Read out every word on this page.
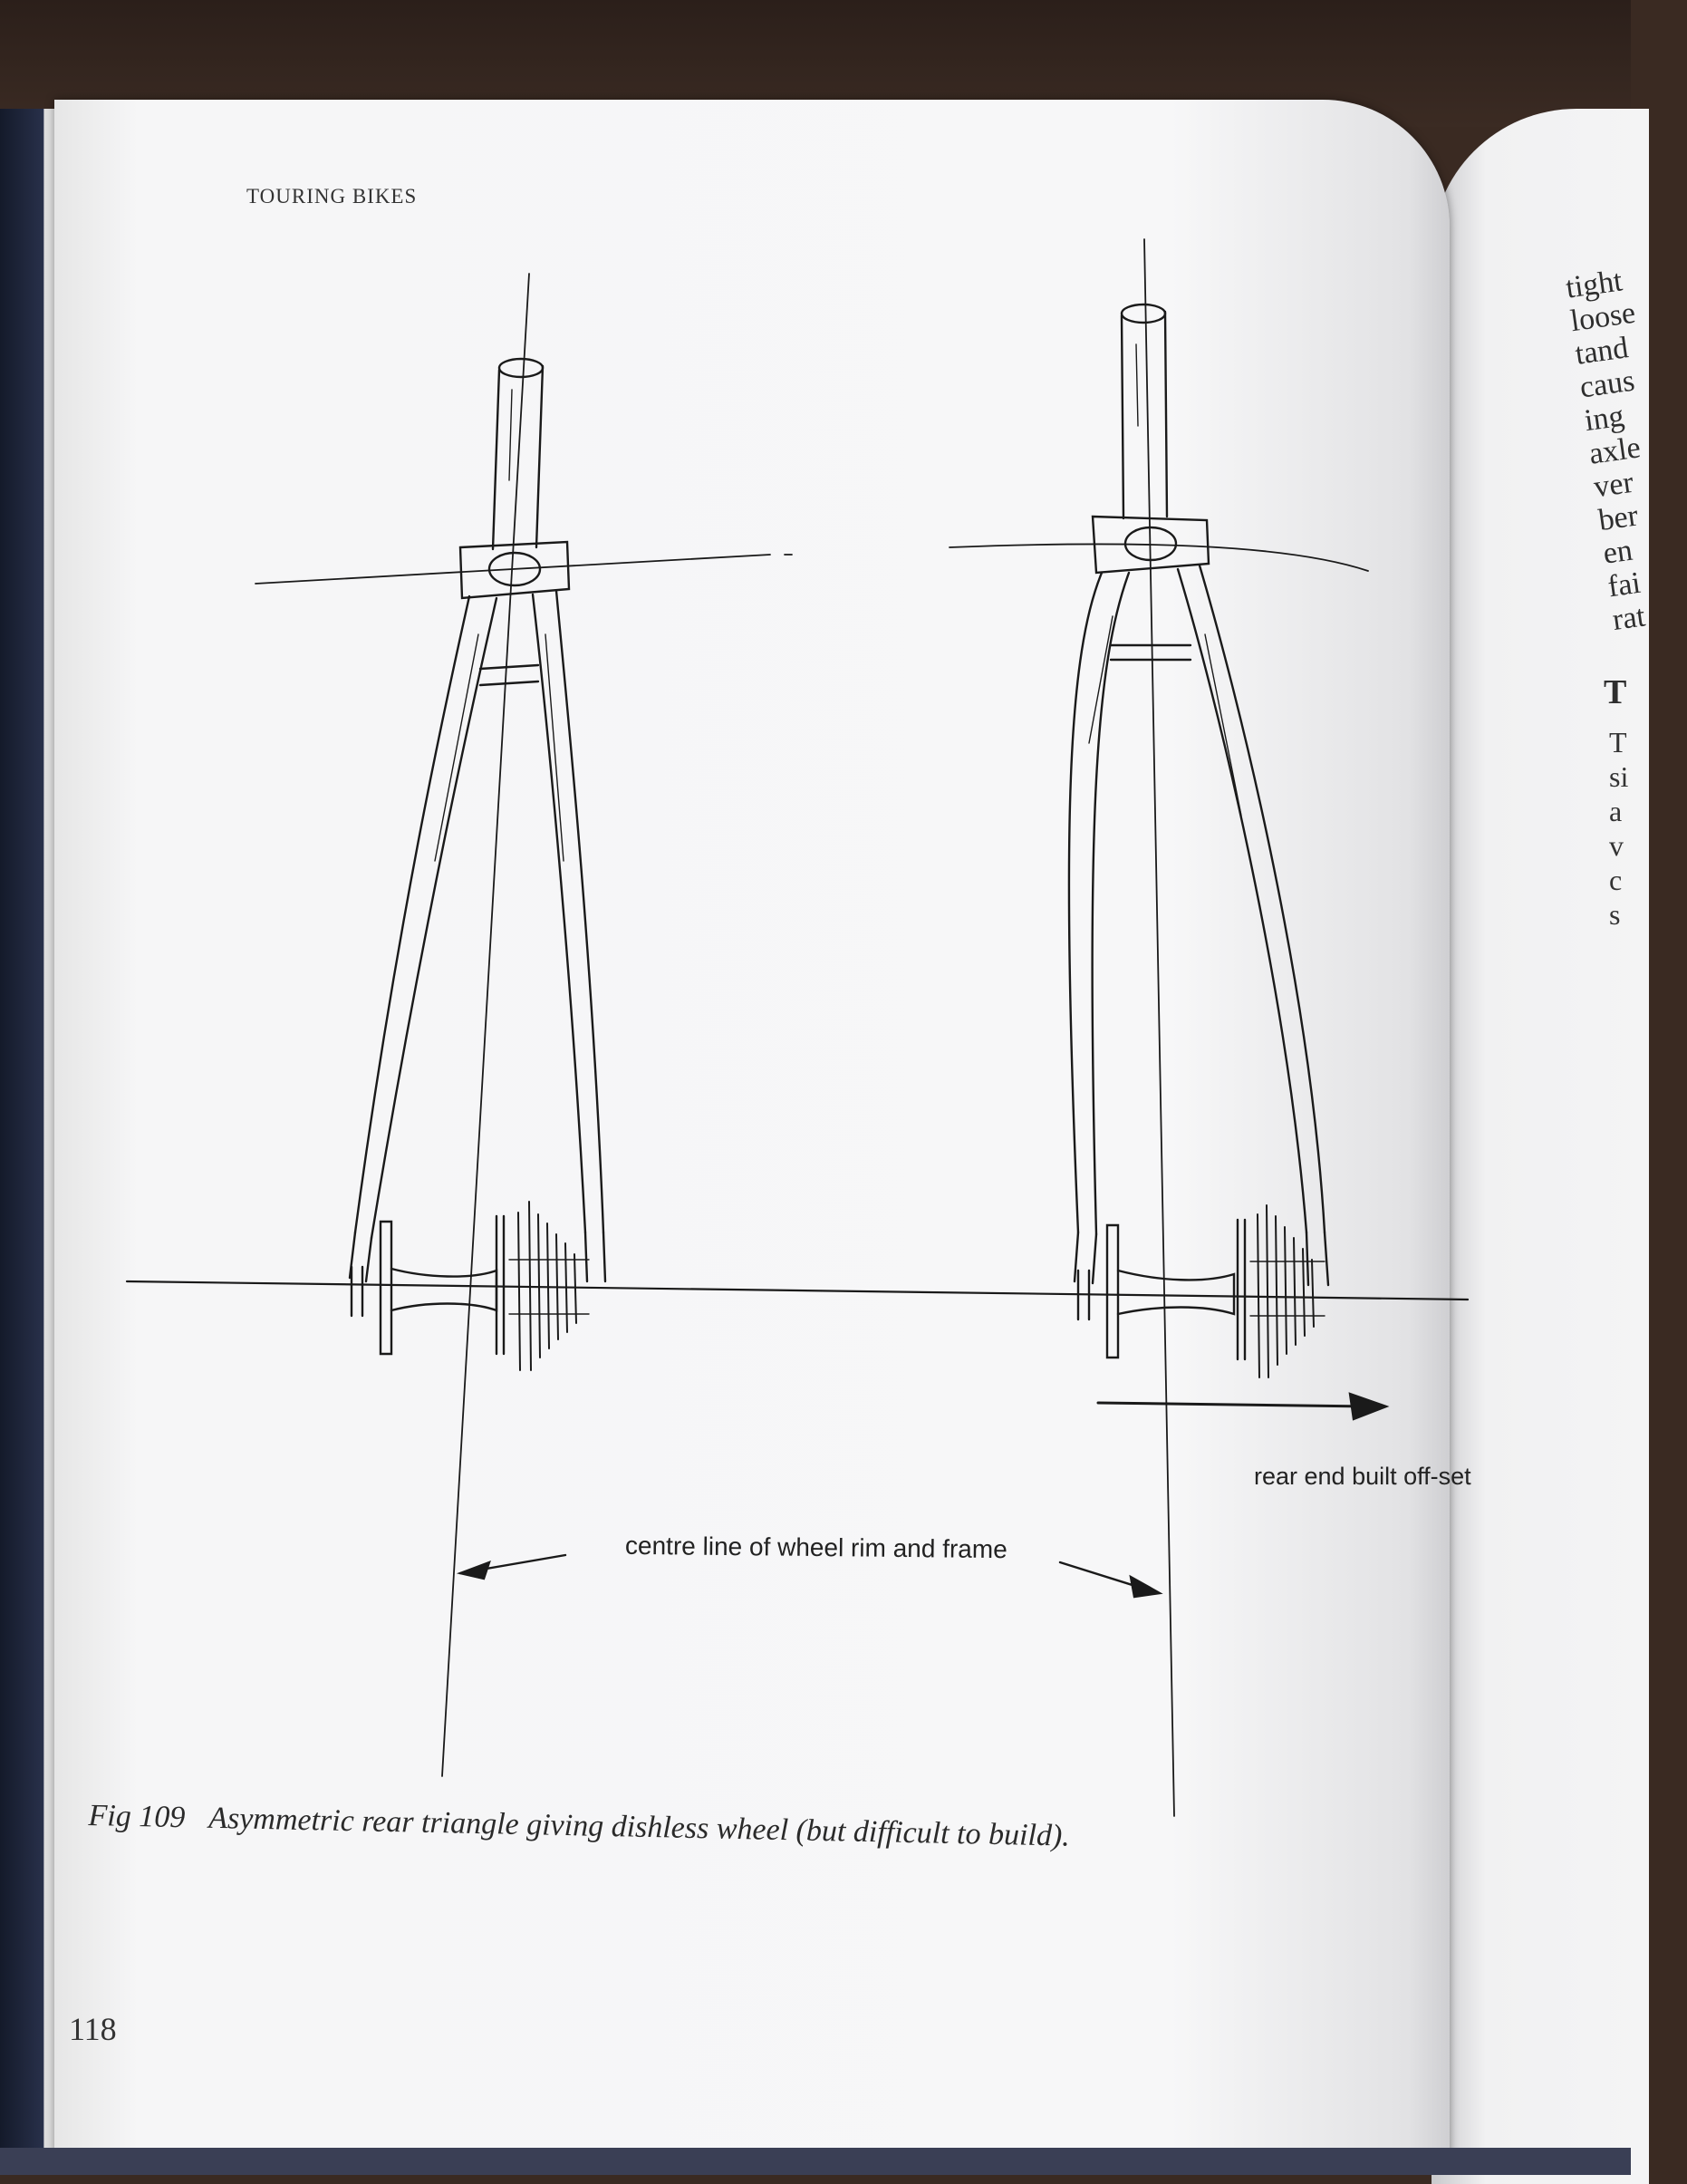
TOURING BIKES
centre line of wheel rim and frame
rear end built off-set
Fig 109 Asymmetric rear triangle giving dishless wheel (but difficult to build).
118
tight
loose
tand
caus
ing
axle
ver
ber
en
fai
rat
T
T
si
a
v
c
s
